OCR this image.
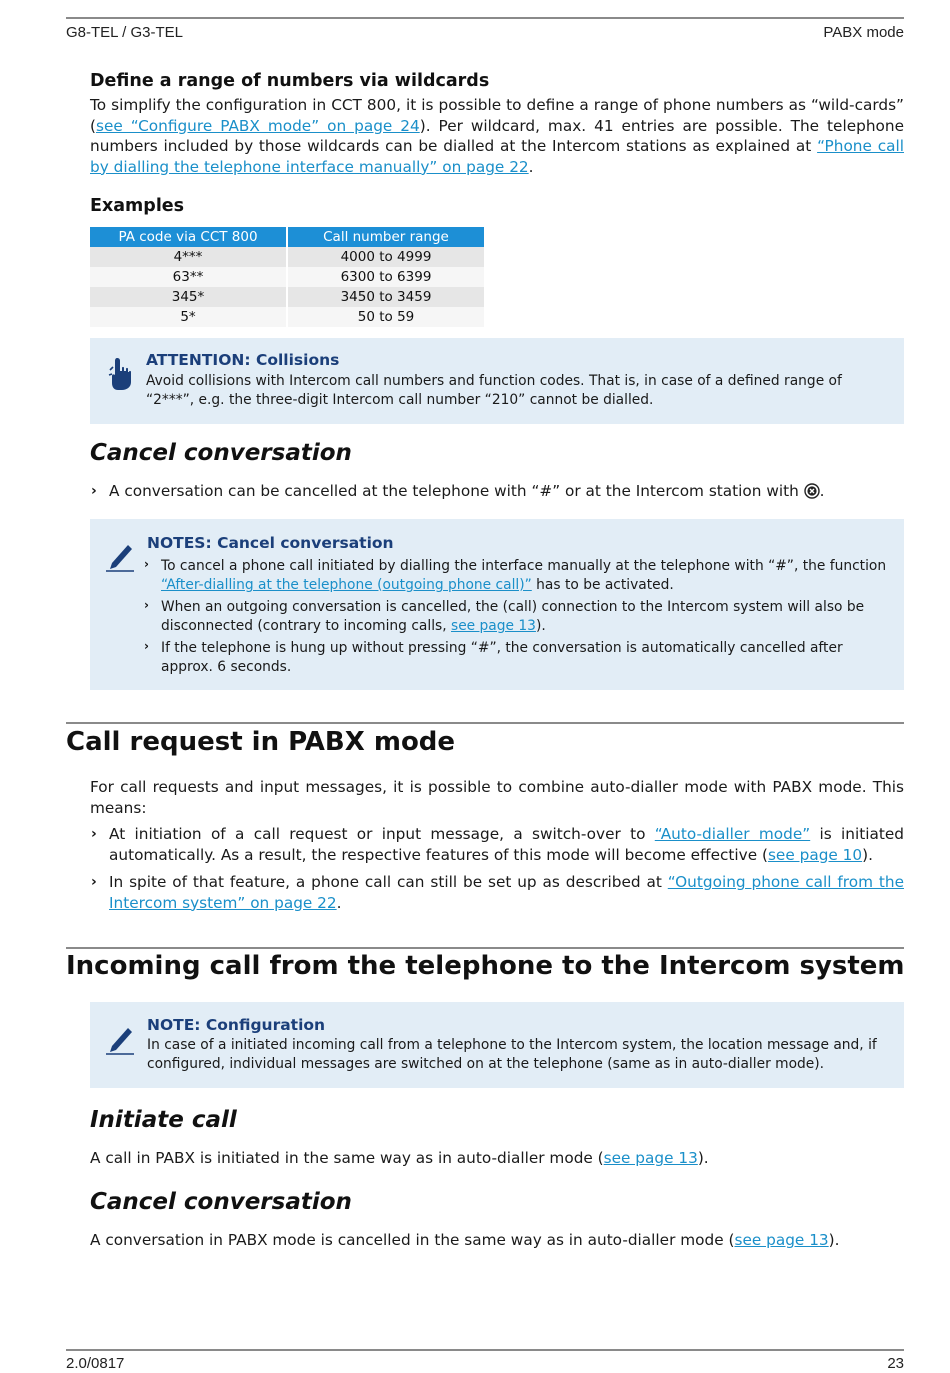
G8-TEL / G3-TEL	PABX mode
Define a range of numbers via wildcards
To simplify the configuration in CCT 800, it is possible to define a range of phone numbers as “wild-cards” (see “Configure PABX mode” on page 24). Per wildcard, max. 41 entries are possible. The telephone numbers included by those wildcards can be dialled at the Intercom stations as explained at “Phone call by dialling the telephone interface manually” on page 22.
Examples
PA code via CCT 800	Call number range
4***	4000 to 4999
63**	6300 to 6399
345*	3450 to 3459
5*	50 to 59
ATTENTION: Collisions
Avoid collisions with Intercom call numbers and function codes. That is, in case of a defined range of “2***”, e.g. the three-digit Intercom call number “210” cannot be dialled.
Cancel conversation
› A conversation can be cancelled at the telephone with “#” or at the Intercom station with .
NOTES: Cancel conversation
› To cancel a phone call initiated by dialling the interface manually at the telephone with “#”, the function “After-dialling at the telephone (outgoing phone call)” has to be activated.
› When an outgoing conversation is cancelled, the (call) connection to the Intercom system will also be disconnected (contrary to incoming calls, see page 13).
› If the telephone is hung up without pressing “#”, the conversation is automatically cancelled after approx. 6 seconds.
Call request in PABX mode
For call requests and input messages, it is possible to combine auto-dialler mode with PABX mode. This means:
› At initiation of a call request or input message, a switch-over to “Auto-dialler mode” is initiated automatically. As a result, the respective features of this mode will become effective (see page 10).
› In spite of that feature, a phone call can still be set up as described at “Outgoing phone call from the Intercom system” on page 22.
Incoming call from the telephone to the Intercom system
NOTE: Configuration
In case of a initiated incoming call from a telephone to the Intercom system, the location message and, if configured, individual messages are switched on at the telephone (same as in auto-dialler mode).
Initiate call
A call in PABX is initiated in the same way as in auto-dialler mode (see page 13).
Cancel conversation
A conversation in PABX mode is cancelled in the same way as in auto-dialler mode (see page 13).
2.0/0817	23
